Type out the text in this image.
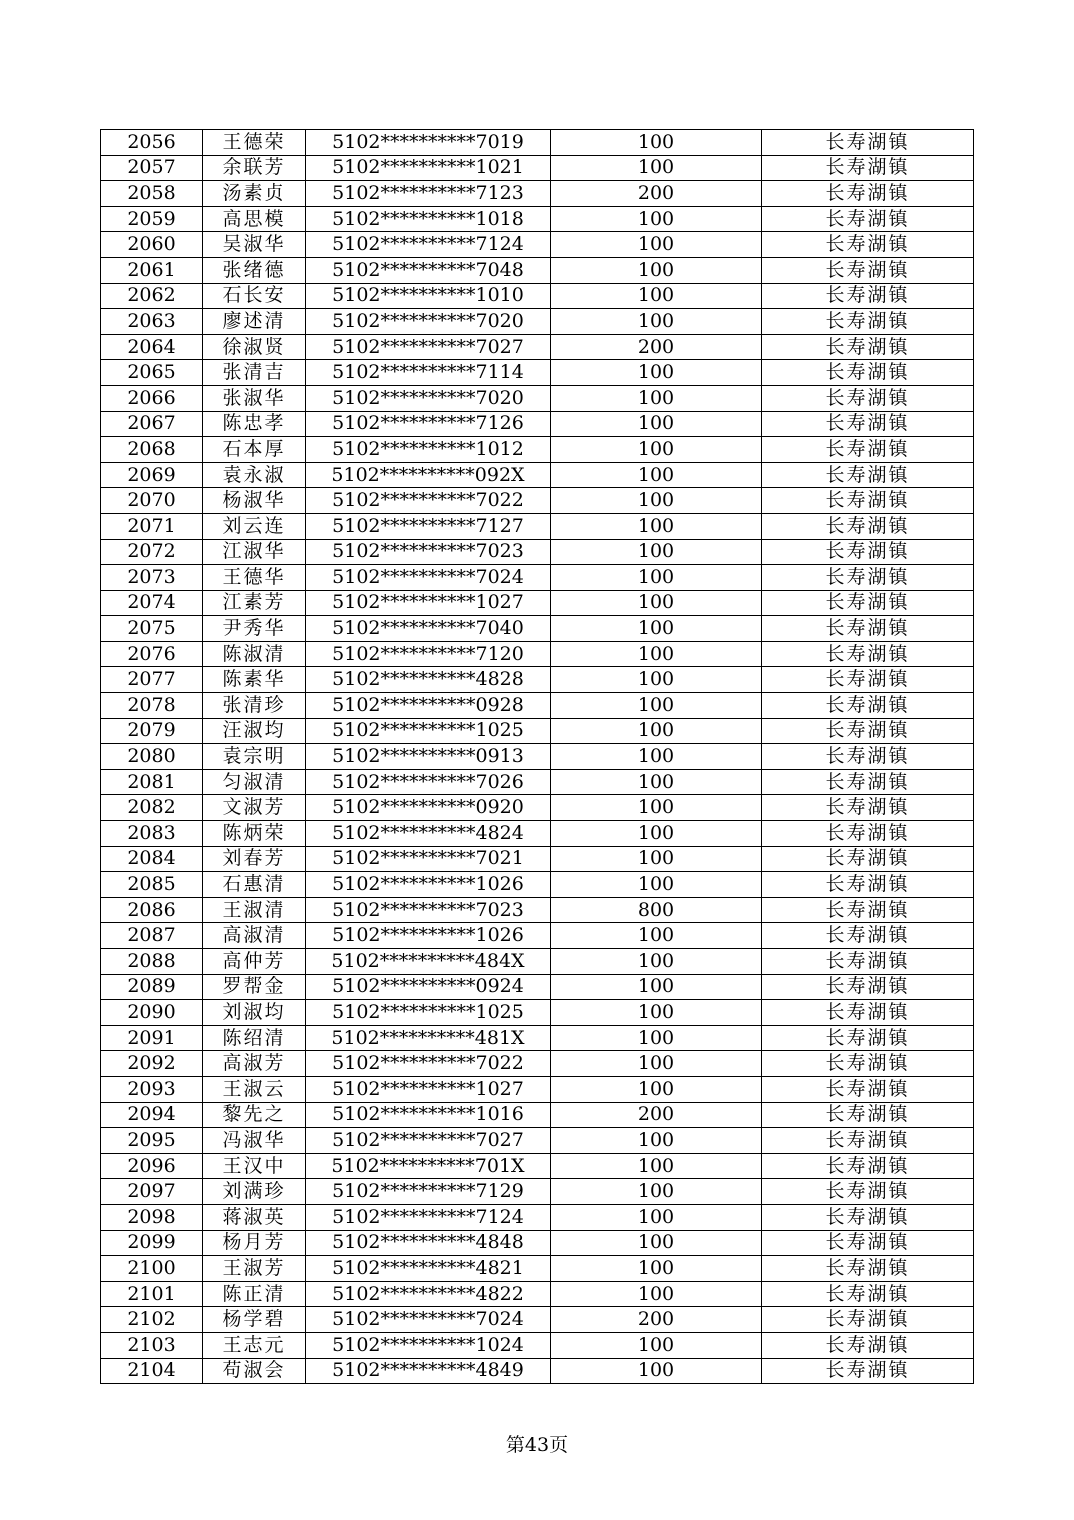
2056	王德荣	5102**********7019	100	长寿湖镇
2057	余联芳	5102**********1021	100	长寿湖镇
2058	汤素贞	5102**********7123	200	长寿湖镇
2059	高思模	5102**********1018	100	长寿湖镇
2060	吴淑华	5102**********7124	100	长寿湖镇
2061	张绪德	5102**********7048	100	长寿湖镇
2062	石长安	5102**********1010	100	长寿湖镇
2063	廖述清	5102**********7020	100	长寿湖镇
2064	徐淑贤	5102**********7027	200	长寿湖镇
2065	张清吉	5102**********7114	100	长寿湖镇
2066	张淑华	5102**********7020	100	长寿湖镇
2067	陈忠孝	5102**********7126	100	长寿湖镇
2068	石本厚	5102**********1012	100	长寿湖镇
2069	袁永淑	5102**********092X	100	长寿湖镇
2070	杨淑华	5102**********7022	100	长寿湖镇
2071	刘云连	5102**********7127	100	长寿湖镇
2072	江淑华	5102**********7023	100	长寿湖镇
2073	王德华	5102**********7024	100	长寿湖镇
2074	江素芳	5102**********1027	100	长寿湖镇
2075	尹秀华	5102**********7040	100	长寿湖镇
2076	陈淑清	5102**********7120	100	长寿湖镇
2077	陈素华	5102**********4828	100	长寿湖镇
2078	张清珍	5102**********0928	100	长寿湖镇
2079	汪淑均	5102**********1025	100	长寿湖镇
2080	袁宗明	5102**********0913	100	长寿湖镇
2081	匀淑清	5102**********7026	100	长寿湖镇
2082	文淑芳	5102**********0920	100	长寿湖镇
2083	陈炳荣	5102**********4824	100	长寿湖镇
2084	刘春芳	5102**********7021	100	长寿湖镇
2085	石惠清	5102**********1026	100	长寿湖镇
2086	王淑清	5102**********7023	800	长寿湖镇
2087	高淑清	5102**********1026	100	长寿湖镇
2088	高仲芳	5102**********484X	100	长寿湖镇
2089	罗帮金	5102**********0924	100	长寿湖镇
2090	刘淑均	5102**********1025	100	长寿湖镇
2091	陈绍清	5102**********481X	100	长寿湖镇
2092	高淑芳	5102**********7022	100	长寿湖镇
2093	王淑云	5102**********1027	100	长寿湖镇
2094	黎先之	5102**********1016	200	长寿湖镇
2095	冯淑华	5102**********7027	100	长寿湖镇
2096	王汉中	5102**********701X	100	长寿湖镇
2097	刘满珍	5102**********7129	100	长寿湖镇
2098	蒋淑英	5102**********7124	100	长寿湖镇
2099	杨月芳	5102**********4848	100	长寿湖镇
2100	王淑芳	5102**********4821	100	长寿湖镇
2101	陈正清	5102**********4822	100	长寿湖镇
2102	杨学碧	5102**********7024	200	长寿湖镇
2103	王志元	5102**********1024	100	长寿湖镇
2104	苟淑会	5102**********4849	100	长寿湖镇
第43页
